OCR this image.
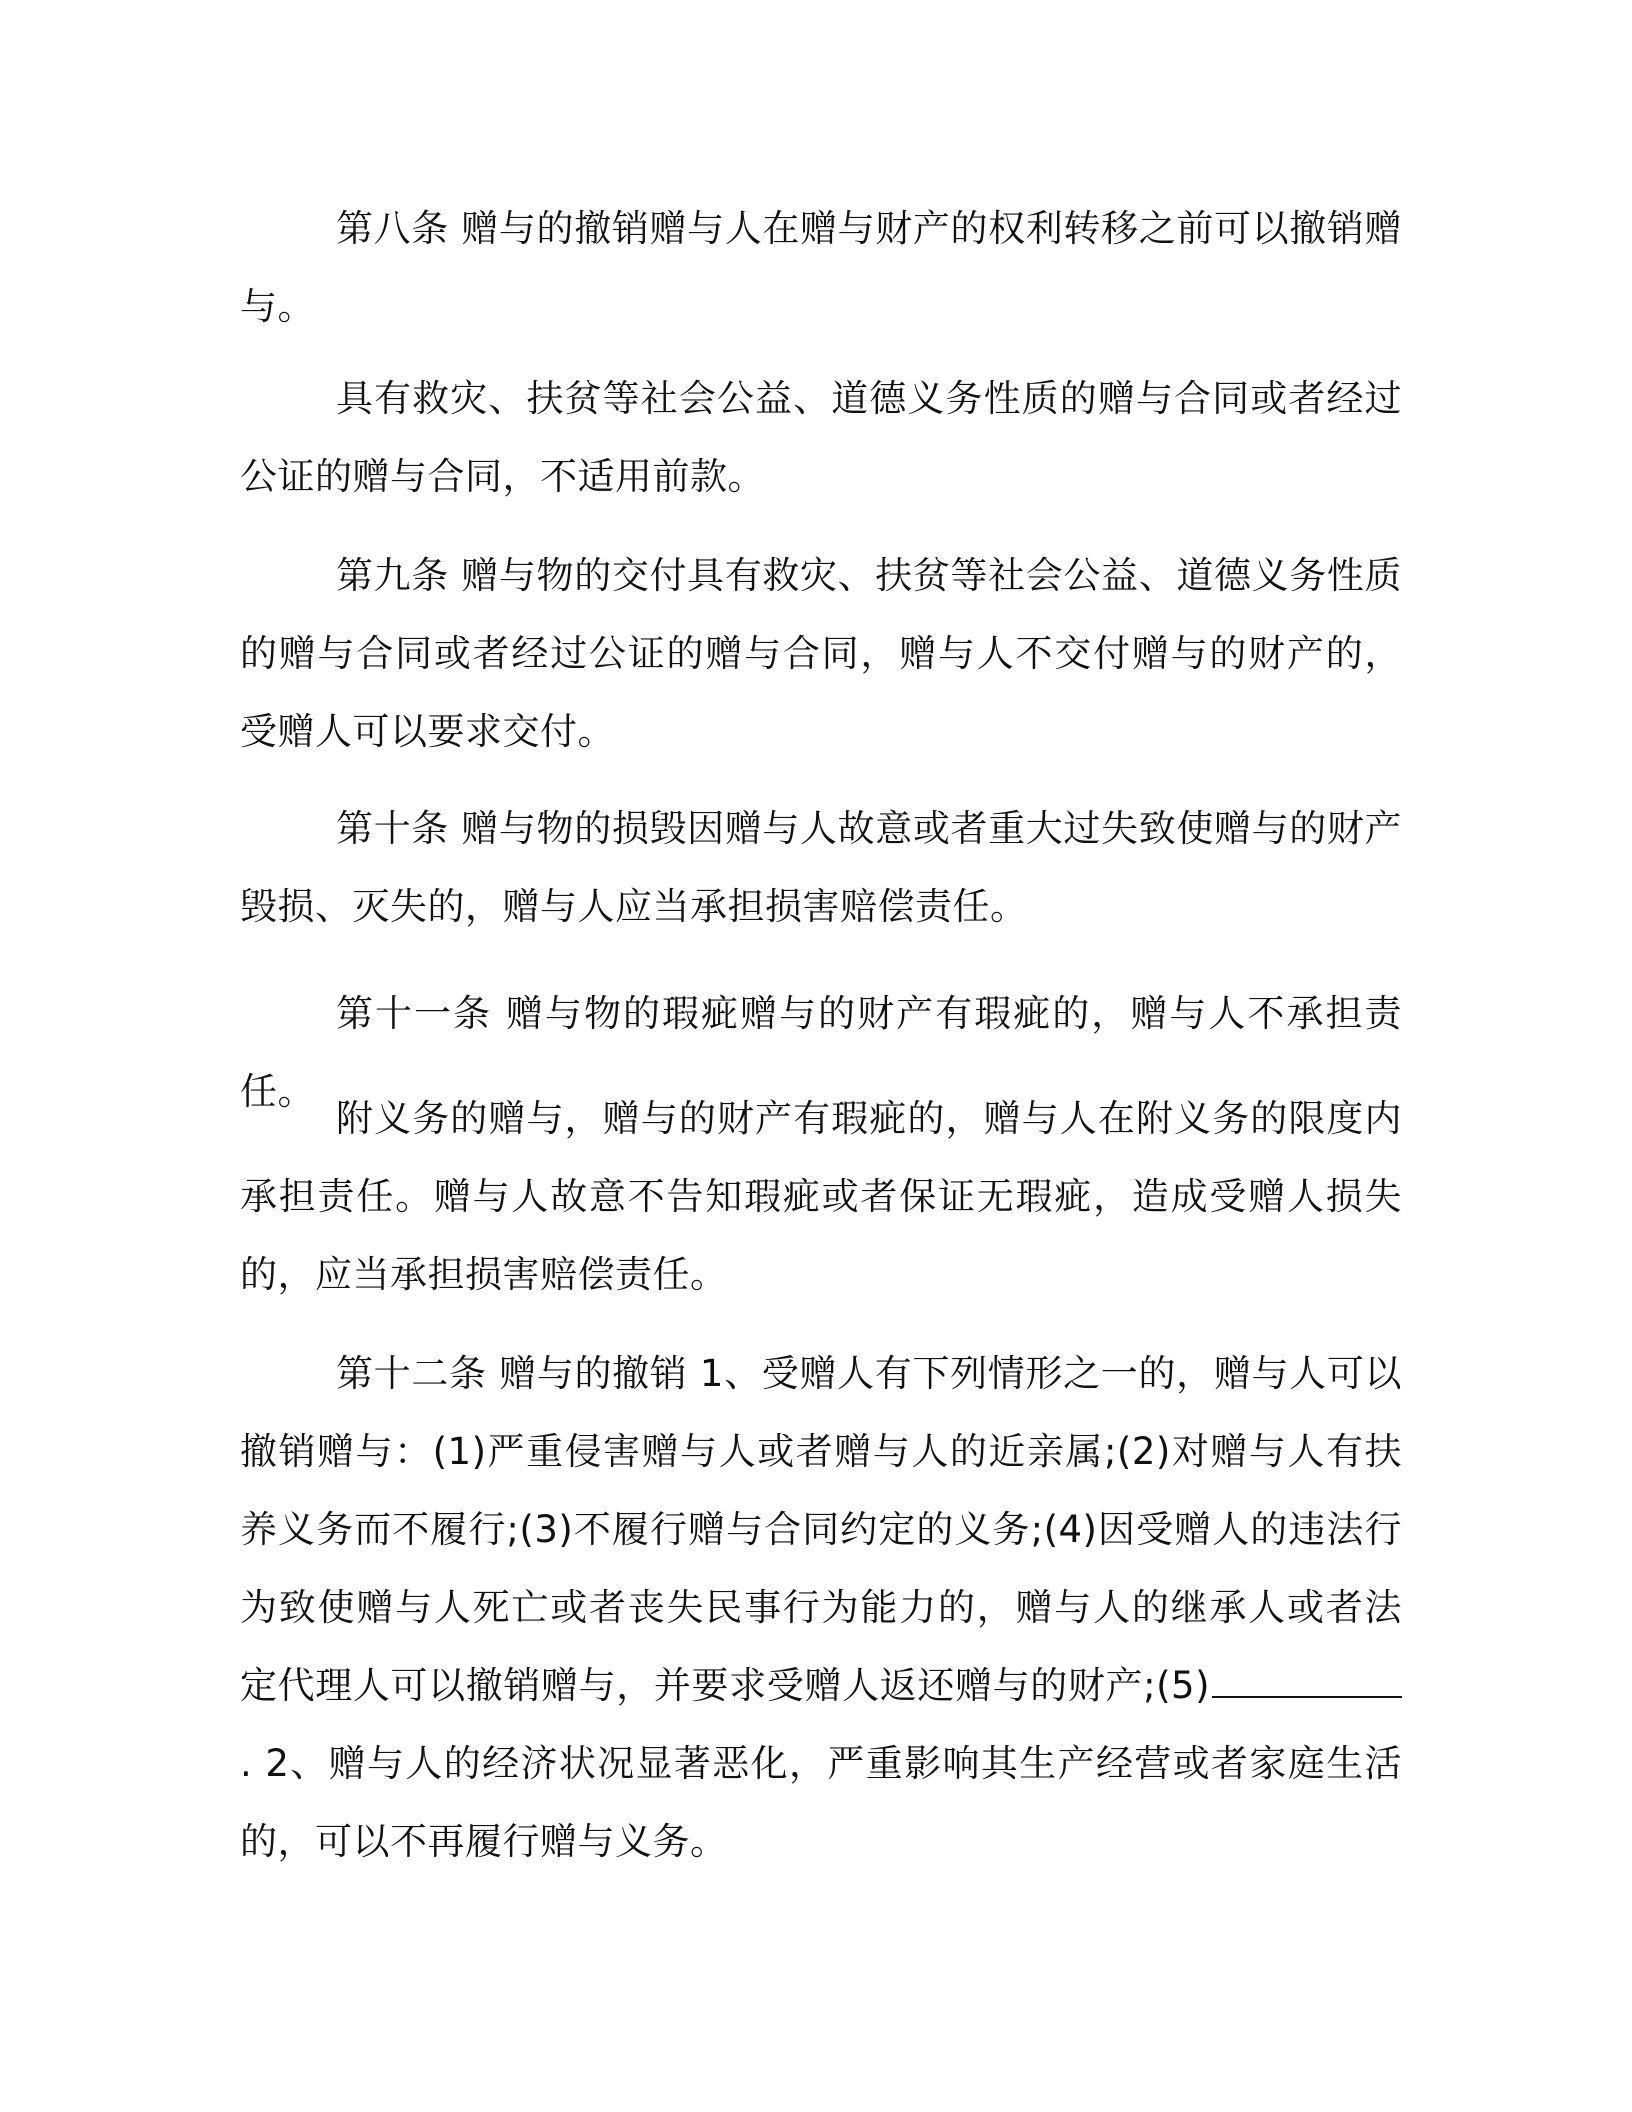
第八条 赠与的撤销赠与人在赠与财产的权利转移之前可以撤销赠与。

具有救灾、扶贫等社会公益、道德义务性质的赠与合同或者经过公证的赠与合同，不适用前款。

第九条 赠与物的交付具有救灾、扶贫等社会公益、道德义务性质的赠与合同或者经过公证的赠与合同，赠与人不交付赠与的财产的，受赠人可以要求交付。

第十条 赠与物的损毁因赠与人故意或者重大过失致使赠与的财产毁损、灭失的，赠与人应当承担损害赔偿责任。

第十一条 赠与物的瑕疵赠与的财产有瑕疵的，赠与人不承担责任。

附义务的赠与，赠与的财产有瑕疵的，赠与人在附义务的限度内承担责任。赠与人故意不告知瑕疵或者保证无瑕疵，造成受赠人损失的，应当承担损害赔偿责任。

第十二条 赠与的撤销 1、受赠人有下列情形之一的，赠与人可以撤销赠与：(1)严重侵害赠与人或者赠与人的近亲属;(2)对赠与人有扶养义务而不履行;(3)不履行赠与合同约定的义务;(4)因受赠人的违法行为致使赠与人死亡或者丧失民事行为能力的，赠与人的继承人或者法定代理人可以撤销赠与，并要求受赠人返还赠与的财产;(5). 2、赠与人的经济状况显著恶化，严重影响其生产经营或者家庭生活的，可以不再履行赠与义务。
